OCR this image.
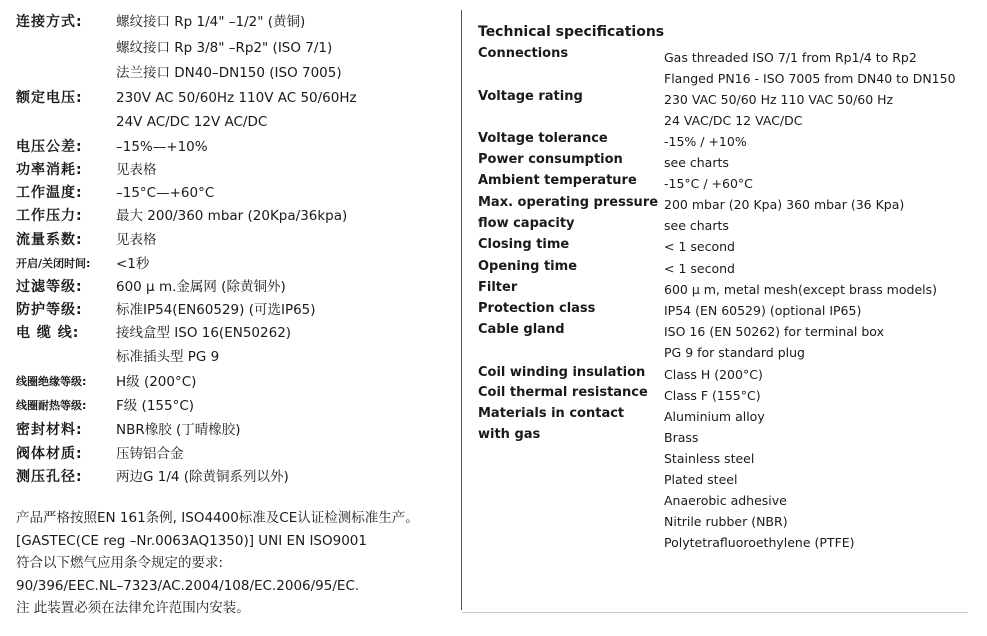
连接方式: 螺纹接口 Rp 1/4" –1/2" (黄铜)
螺纹接口 Rp 3/8" –Rp2" (ISO 7/1)
法兰接口 DN40–DN150 (ISO 7005)
额定电压: 230V AC 50/60Hz 110V AC 50/60Hz
24V AC/DC 12V AC/DC
电压公差: –15%—+10%
功率消耗: 见表格
工作温度: –15°C—+60°C
工作压力: 最大 200/360 mbar (20Kpa/36kpa)
流量系数: 见表格
开启/关闭时间: <1秒
过滤等级: 600 μ m.金属网 (除黄铜外)
防护等级: 标准IP54(EN60529) (可选IP65)
电 缆 线:	接线盒型 ISO 16(EN50262)
标准插头型 PG 9
线圈绝缘等级: H级 (200°C)
线圈耐热等级: F级 (155°C)
密封材料: NBR橡胶 (丁晴橡胶)
阀体材质: 压铸铝合金
测压孔径: 两边G 1/4 (除黄铜系列以外)
产品严格按照EN 161条例, ISO4400标准及CE认证检测标准生产。
[GASTEC(CE reg –Nr.0063AQ1350)] UNI EN ISO9001
符合以下燃气应用条令规定的要求:
90/396/EEC.NL–7323/AC.2004/108/EC.2006/95/EC.
注 此装置必须在法律允许范围内安装。
Technical specifications
Connections
Voltage rating
Voltage tolerance
Power consumption
Ambient temperature
Max. operating pressure
flow capacity
Closing time
Opening time
Filter
Protection class
Cable gland
Coil winding insulation
Coil thermal resistance
Materials in contact
with gas
Gas threaded ISO 7/1 from Rp1/4 to Rp2
Flanged PN16 - ISO 7005 from DN40 to DN150
230 VAC 50/60 Hz 110 VAC 50/60 Hz
24 VAC/DC 12 VAC/DC
-15% / +10%
see charts
-15°C / +60°C
200 mbar (20 Kpa) 360 mbar (36 Kpa)
see charts
< 1 second
< 1 second
600 μ m, metal mesh(except brass models)
IP54 (EN 60529) (optional IP65)
ISO 16 (EN 50262) for terminal box
PG 9 for standard plug
Class H (200°C)
Class F (155°C)
Aluminium alloy
Brass
Stainless steel
Plated steel
Anaerobic adhesive
Nitrile rubber (NBR)
Polytetrafluoroethylene (PTFE)
